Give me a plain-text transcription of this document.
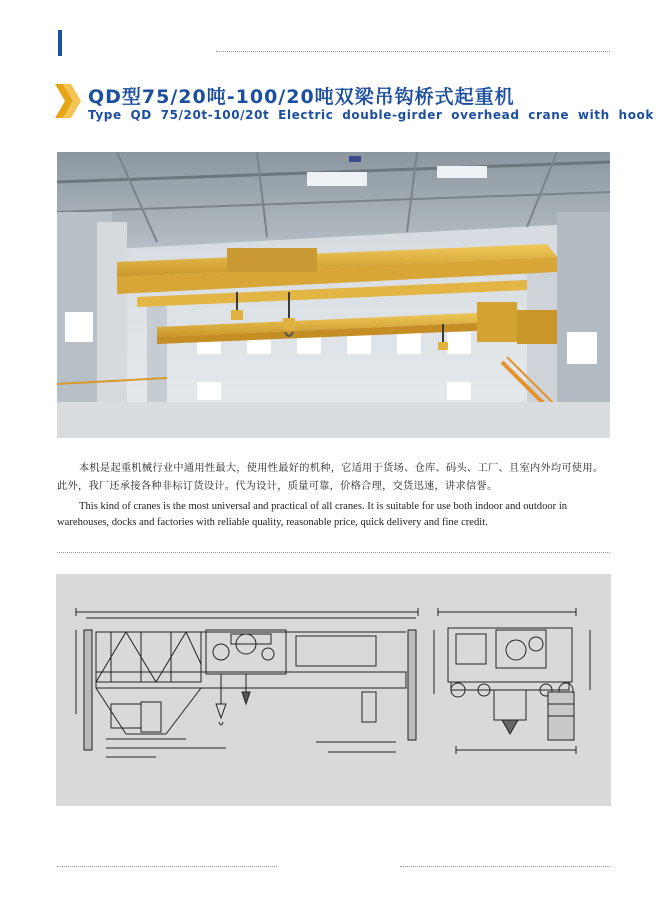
QD型75/20吨-100/20吨双梁吊钩桥式起重机
Type QD 75/20t-100/20t Electric double-girder overhead crane with hook
本机是起重机械行业中通用性最大，使用性最好的机种，它适用于货场、仓库、码头、工厂、且室内外均可使用。此外，我厂还承接各种非标订货设计。代为设计，质量可靠，价格合理，交货迅速，讲求信誉。
This kind of cranes is the most universal and practical of all cranes. It is suitable for use both indoor and outdoor in warehouses, docks and factories with reliable quality, reasonable price, quick delivery and fine credit.
